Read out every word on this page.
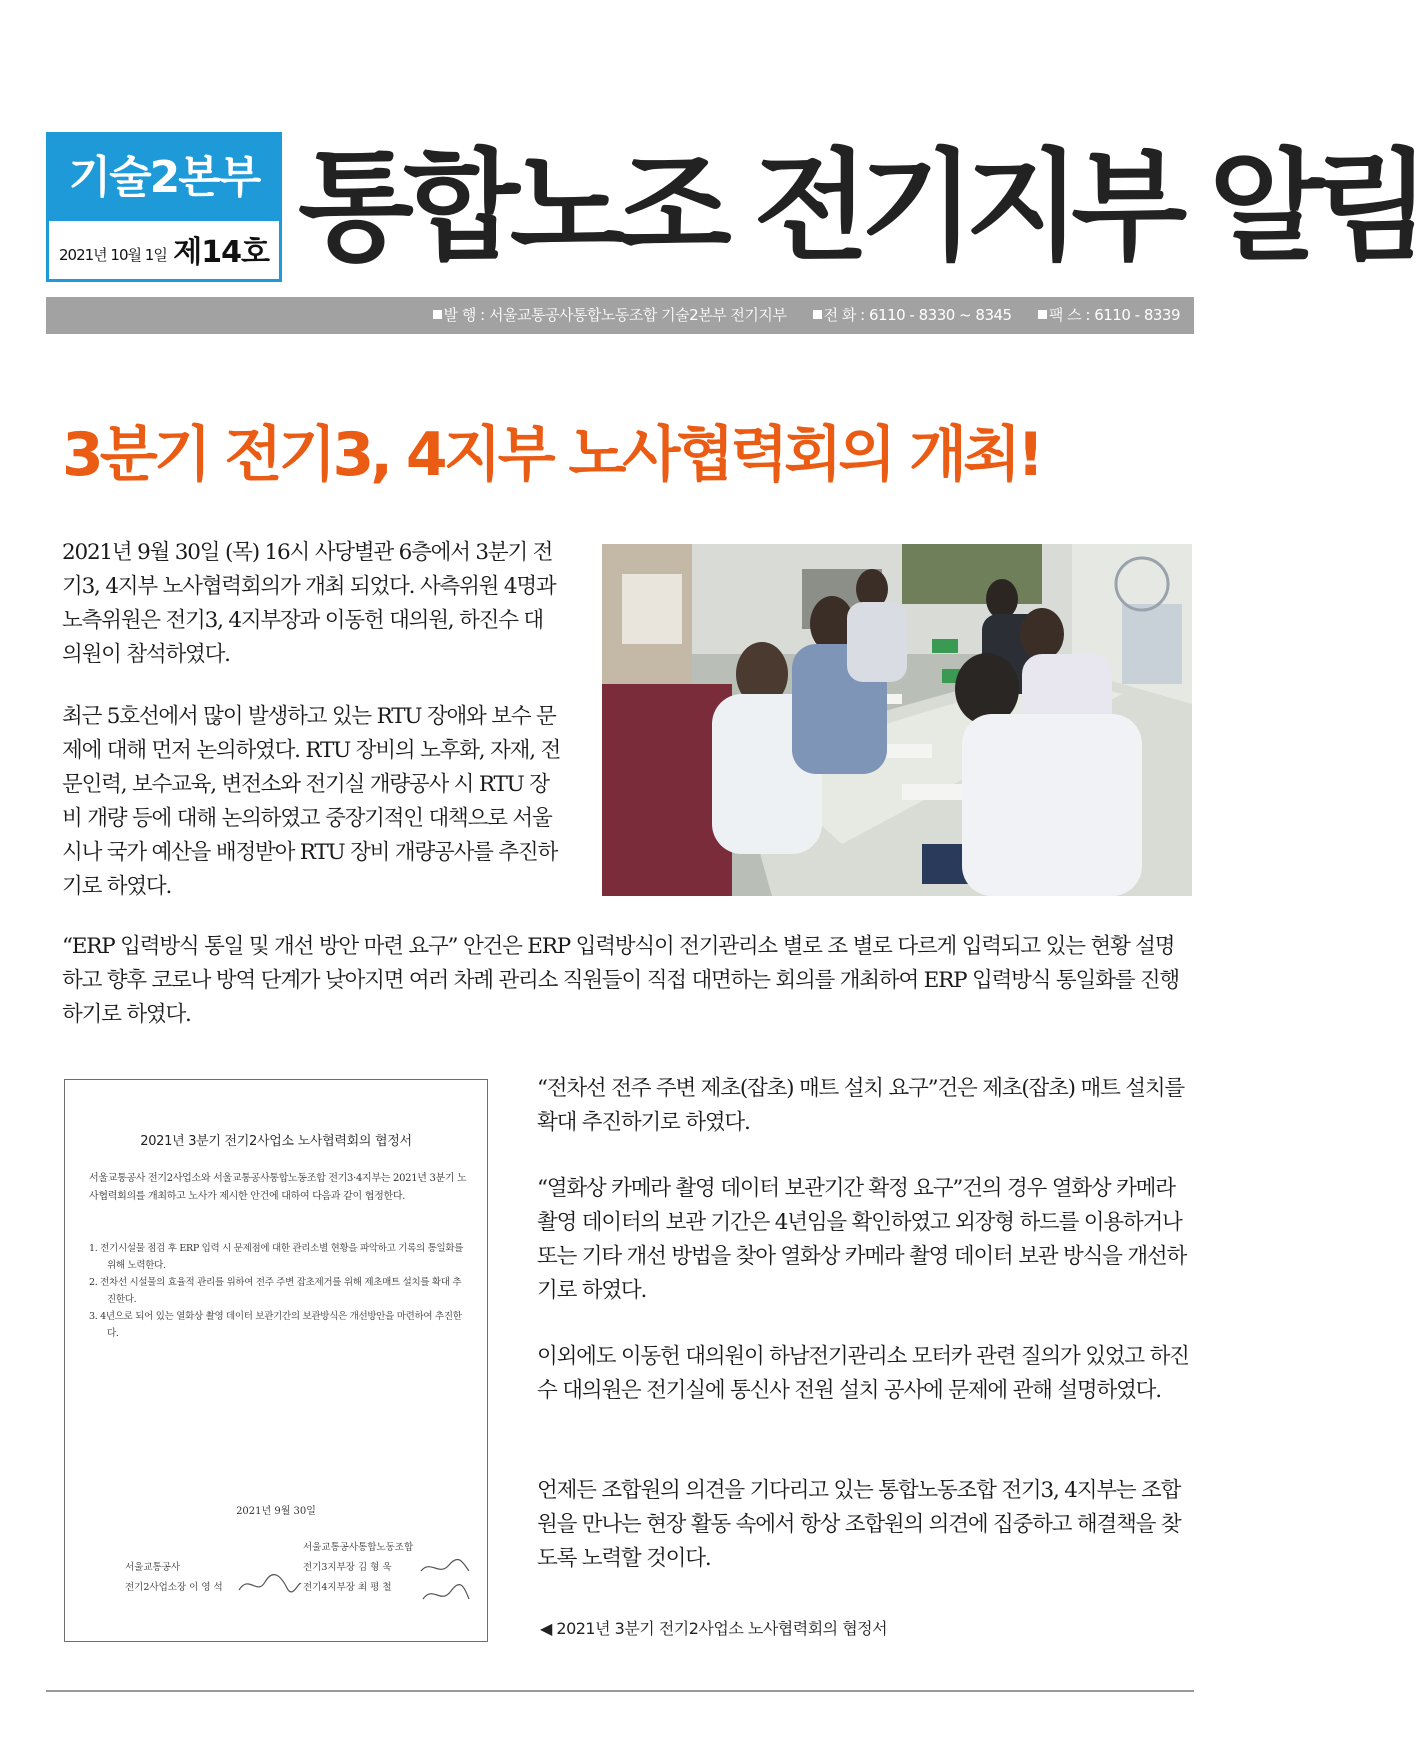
기술2본부
2021년 10월 1일 제14호 통합노조 전기지부 알림
발 행 : 서울교통공사통합노동조합 기술2본부 전기지부 전 화 : 6110 - 8330 ~ 8345 팩 스 : 6110 - 8339
3분기 전기3, 4지부 노사협력회의 개최!
2021년 9월 30일 (목) 16시 사당별관 6층에서 3분기 전기3, 4지부 노사협력회의가 개최 되었다. 사측위원 4명과 노측위원은 전기3, 4지부장과 이동헌 대의원, 하진수 대의원이 참석하였다.
최근 5호선에서 많이 발생하고 있는 RTU 장애와 보수 문제에 대해 먼저 논의하였다. RTU 장비의 노후화, 자재, 전문인력, 보수교육, 변전소와 전기실 개량공사 시 RTU 장비 개량 등에 대해 논의하였고 중장기적인 대책으로 서울시나 국가 예산을 배정받아 RTU 장비 개량공사를 추진하기로 하였다.
“ERP 입력방식 통일 및 개선 방안 마련 요구” 안건은 ERP 입력방식이 전기관리소 별로 조 별로 다르게 입력되고 있는 현황 설명하고 향후 코로나 방역 단계가 낮아지면 여러 차례 관리소 직원들이 직접 대면하는 회의를 개최하여 ERP 입력방식 통일화를 진행하기로 하였다.
2021년 3분기 전기2사업소 노사협력회의 협정서
서울교통공사 전기2사업소와 서울교통공사통합노동조합 전기3·4지부는 2021년 3분기 노사협력회의를 개최하고 노사가 제시한 안건에 대하여 다음과 같이 협정한다.
1. 전기시설물 점검 후 ERP 입력 시 문제점에 대한 관리소별 현황을 파악하고 기록의 통일화를 위해 노력한다.
2. 전차선 시설물의 효율적 관리를 위하여 전주 주변 잡초제거를 위해 제초매트 설치를 확대 추진한다.
3. 4년으로 되어 있는 열화상 촬영 데이터 보관기간의 보관방식은 개선방안을 마련하여 추진한다.
2021년 9월 30일
서울교통공사
전기2사업소장 이 영 석
서울교통공사통합노동조합
전기3지부장 김 형 욱
전기4지부장 최 평 철
“전차선 전주 주변 제초(잡초) 매트 설치 요구”건은 제초(잡초) 매트 설치를 확대 추진하기로 하였다.
“열화상 카메라 촬영 데이터 보관기간 확정 요구”건의 경우 열화상 카메라 촬영 데이터의 보관 기간은 4년임을 확인하였고 외장형 하드를 이용하거나 또는 기타 개선 방법을 찾아 열화상 카메라 촬영 데이터 보관 방식을 개선하기로 하였다.
이외에도 이동헌 대의원이 하남전기관리소 모터카 관련 질의가 있었고 하진수 대의원은 전기실에 통신사 전원 설치 공사에 문제에 관해 설명하였다.
언제든 조합원의 의견을 기다리고 있는 통합노동조합 전기3, 4지부는 조합원을 만나는 현장 활동 속에서 항상 조합원의 의견에 집중하고 해결책을 찾도록 노력할 것이다.
◀ 2021년 3분기 전기2사업소 노사협력회의 협정서
